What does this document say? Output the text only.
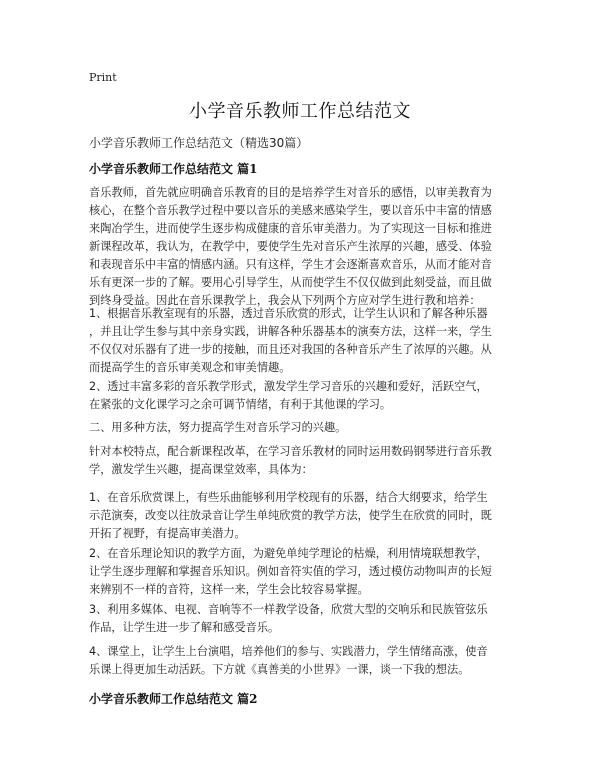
Print
小学音乐教师工作总结范文
小学音乐教师工作总结范文（精选30篇）
小学音乐教师工作总结范文 篇1
音乐教师，首先就应明确音乐教育的目的是培养学生对音乐的感悟，以审美教育为
核心，在整个音乐教学过程中要以音乐的美感来感染学生，要以音乐中丰富的情感
来陶冶学生，进而使学生逐步构成健康的音乐审美潜力。为了实现这一目标和推进
新课程改革，我认为，在教学中，要使学生先对音乐产生浓厚的兴趣，感受、体验
和表现音乐中丰富的情感内涵。只有这样，学生才会逐渐喜欢音乐，从而才能对音
乐有更深一步的了解。要用心引导学生，从而使学生不仅仅做到此刻受益，而且做
到终身受益。因此在音乐课教学上，我会从下列两个方应对学生进行教和培养：
1、根据音乐教室现有的乐器，透过音乐欣赏的形式，让学生认识和了解各种乐器
，并且让学生参与其中亲身实践，讲解各种乐器基本的演奏方法，这样一来，学生
不仅仅对乐器有了进一步的接触，而且还对我国的各种音乐产生了浓厚的兴趣。从
而提高学生的音乐审美观念和审美情趣。
2、透过丰富多彩的音乐教学形式，激发学生学习音乐的兴趣和爱好，活跃空气，
在紧张的文化课学习之余可调节情绪，有利于其他课的学习。
二、用多种方法，努力提高学生对音乐学习的兴趣。
针对本校特点，配合新课程改革，在学习音乐教材的同时运用数码钢琴进行音乐教
学，激发学生兴趣，提高课堂效率，具体为：
1、在音乐欣赏课上，有些乐曲能够利用学校现有的乐器，结合大纲要求，给学生
示范演奏，改变以往放录音让学生单纯欣赏的教学方法，使学生在欣赏的同时，既
开拓了视野，有提高审美潜力。
2、在音乐理论知识的教学方面，为避免单纯学理论的枯燥，利用情境联想教学，
让学生逐步理解和掌握音乐知识。例如音符实值的学习，透过模仿动物叫声的长短
来辨别不一样的音符，这样一来，学生会比较容易掌握。
3、利用多媒体、电视、音响等不一样教学设备，欣赏大型的交响乐和民族管弦乐
作品，让学生进一步了解和感受音乐。
4、课堂上，让学生上台演唱，培养他们的参与、实践潜力，学生情绪高涨，使音
乐课上得更加生动活跃。下方就《真善美的小世界》一课，谈一下我的想法。
小学音乐教师工作总结范文 篇2
